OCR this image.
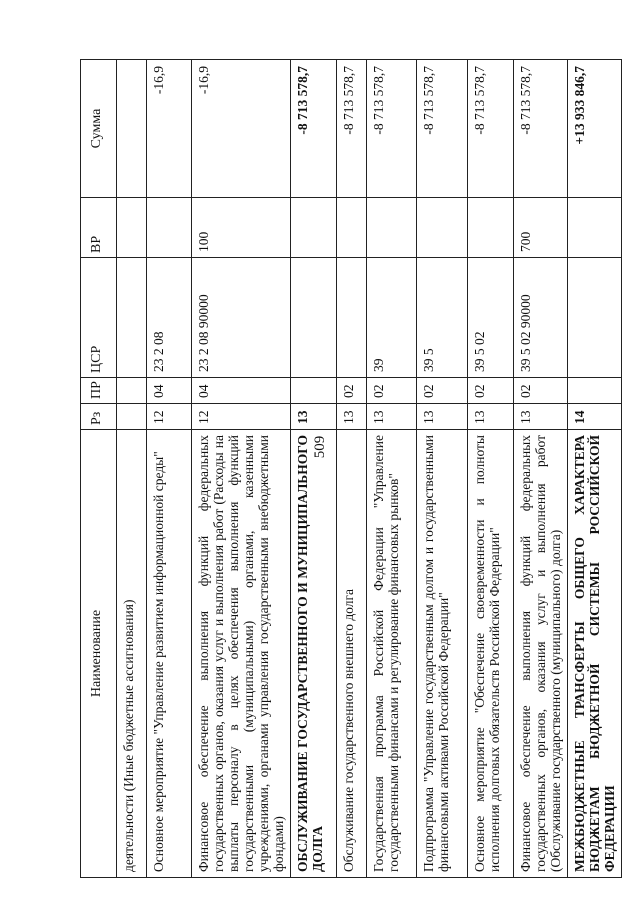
509
Наименование	Рз	ПР	ЦСР	ВР	Сумма
деятельности (Иные бюджетные ассигнования)					
Основное мероприятие "Управление развитием информационной среды"	12	04	23 2 08		-16,9
Финансовое обеспечение выполнения функций федеральных государственных органов, оказания услуг и выполнения работ (Расходы на выплаты персоналу в целях обеспечения выполнения функций государственными (муниципальными) органами, казенными учреждениями, органами управления государственными внебюджетными фондами)	12	04	23 2 08 90000	100	-16,9
ОБСЛУЖИВАНИЕ ГОСУДАРСТВЕННОГО И МУНИЦИПАЛЬНОГО ДОЛГА	13				-8 713 578,7
Обслуживание государственного внешнего долга	13	02			-8 713 578,7
Государственная программа Российской Федерации "Управление государственными финансами и регулирование финансовых рынков"	13	02	39		-8 713 578,7
Подпрограмма "Управление государственным долгом и государственными финансовыми активами Российской Федерации"	13	02	39 5		-8 713 578,7
Основное мероприятие "Обеспечение своевременности и полноты исполнения долговых обязательств Российской Федерации"	13	02	39 5 02		-8 713 578,7
Финансовое обеспечение выполнения функций федеральных государственных органов, оказания услуг и выполнения работ (Обслуживание государственного (муниципального) долга)	13	02	39 5 02 90000	700	-8 713 578,7
МЕЖБЮДЖЕТНЫЕ ТРАНСФЕРТЫ ОБЩЕГО ХАРАКТЕРА БЮДЖЕТАМ БЮДЖЕТНОЙ СИСТЕМЫ РОССИЙСКОЙ ФЕДЕРАЦИИ	14				+13 933 846,7
